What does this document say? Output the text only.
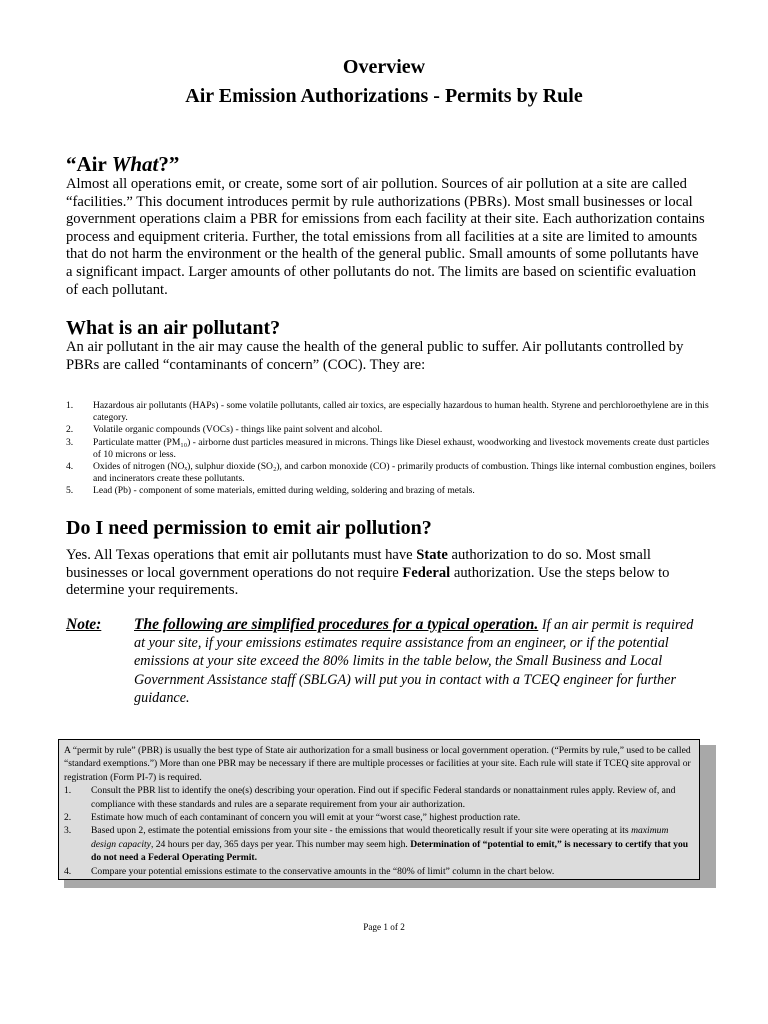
Overview
Air Emission Authorizations - Permits by Rule
“Air What?”

Almost all operations emit, or create, some sort of air pollution. Sources of air pollution at a site are called “facilities.” This document introduces permit by rule authorizations (PBRs). Most small businesses or local government operations claim a PBR for emissions from each facility at their site. Each authorization contains process and equipment criteria. Further, the total emissions from all facilities at a site are limited to amounts that do not harm the environment or the health of the general public. Small amounts of some pollutants have a significant impact. Larger amounts of other pollutants do not. The limits are based on scientific evaluation of each pollutant.

What is an air pollutant?

An air pollutant in the air may cause the health of the general public to suffer. Air pollutants controlled by PBRs are called “contaminants of concern” (COC). They are:

1.	Hazardous air pollutants (HAPs) - some volatile pollutants, called air toxics, are especially hazardous to human health. Styrene and perchloroethylene are in this category.
2.	Volatile organic compounds (VOCs) - things like paint solvent and alcohol.
3.	Particulate matter (PM₁₀) - airborne dust particles measured in microns. Things like Diesel exhaust, woodworking and livestock movements create dust particles of 10 microns or less.
4.	Oxides of nitrogen (NOₓ), sulphur dioxide (SO₂), and carbon monoxide (CO) - primarily products of combustion. Things like internal combustion engines, boilers and incinerators create these pollutants.
5.	Lead (Pb) - component of some materials, emitted during welding, soldering and brazing of metals.
Do I need permission to emit air pollution?

Yes. All Texas operations that emit air pollutants must have State authorization to do so. Most small businesses or local government operations do not require Federal authorization. Use the steps below to determine your requirements.

Note: The following are simplified procedures for a typical operation. If an air permit is required at your site, if your emissions estimates require assistance from an engineer, or if the potential emissions at your site exceed the 80% limits in the table below, the Small Business and Local Government Assistance staff (SBLGA) will put you in contact with a TCEQ engineer for further guidance.

A “permit by rule” (PBR) is usually the best type of State air authorization for a small business or local government operation. (“Permits by rule,” used to be called “standard exemptions.”) More than one PBR may be necessary if there are multiple processes or facilities at your site. Each rule will state if TCEQ site approval or registration (Form PI-7) is required.

1.	Consult the PBR list to identify the one(s) describing your operation. Find out if specific Federal standards or nonattainment rules apply. Review of, and compliance with these standards and rules are a separate requirement from your air authorization.
2.	Estimate how much of each contaminant of concern you will emit at your “worst case,” highest production rate.
3.	Based upon 2, estimate the potential emissions from your site - the emissions that would theoretically result if your site were operating at its maximum design capacity, 24 hours per day, 365 days per year. This number may seem high. Determination of “potential to emit,” is necessary to certify that you do not need a Federal Operating Permit.
4.	Compare your potential emissions estimate to the conservative amounts in the “80% of limit” column in the chart below.
Page 1 of 2
